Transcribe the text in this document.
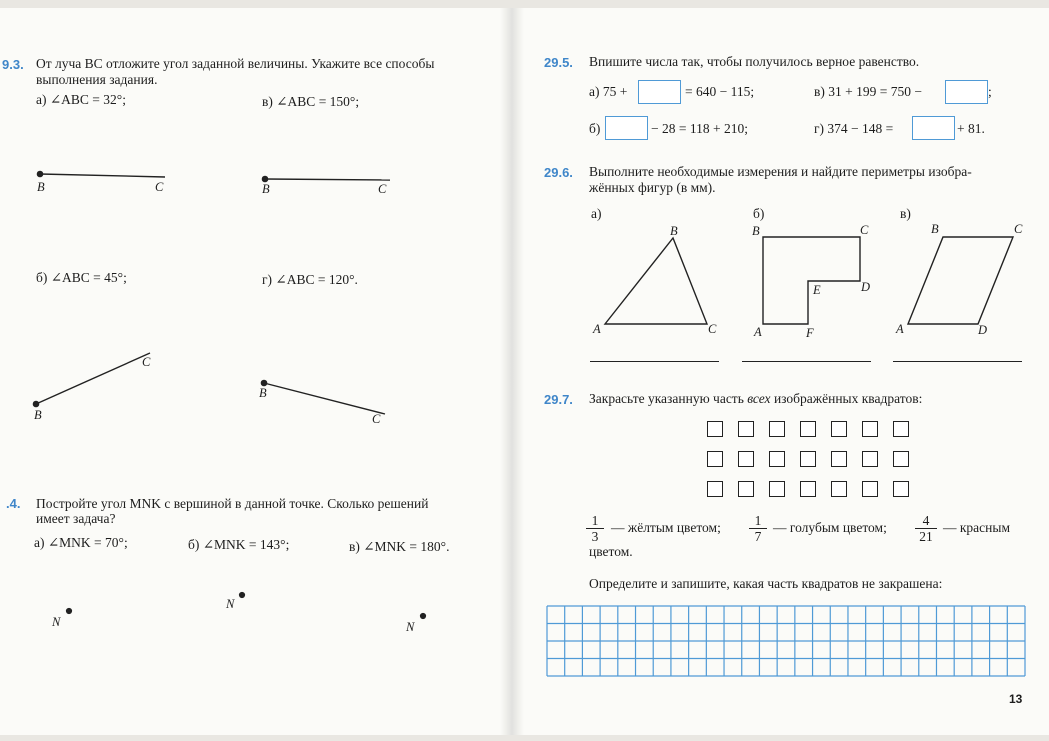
9.3. От луча BC отложите угол заданной величины. Укажите все способы
выполнения задания.
а) ∠ABC = 32°;	в) ∠ABC = 150°;
б) ∠ABC = 45°;	г) ∠ABC = 120°.
B	C	B	C
B
C
B
C
.4. Постройте угол MNK с вершиной в данной точке. Сколько решений
имеет задача?
а) ∠MNK = 70°;	б) ∠MNK = 143°;	в) ∠MNK = 180°.
N
N
N
29.5. Впишите числа так, чтобы получилось верное равенство.
а) 75 +	= 640 − 115;	в) 31 + 199 = 750 −	;
б)	− 28 = 118 + 210;	г) 374 − 148 =	+ 81.
29.6. Выполните необходимые измерения и найдите периметры изобра-
жённых фигур (в мм).
а)	б)	в)
A
B
C	A
B	C
D
E
F	A
B	C
D
29.7. Закрасьте указанную часть всех изображённых квадратов:
$\frac{1}{3}$ — жёлтым цветом; $\frac{1}{7}$ — голубым цветом; $\frac{4}{21}$ — красным
цветом.
Определите и запишите, какая часть квадратов не закрашена:
13
